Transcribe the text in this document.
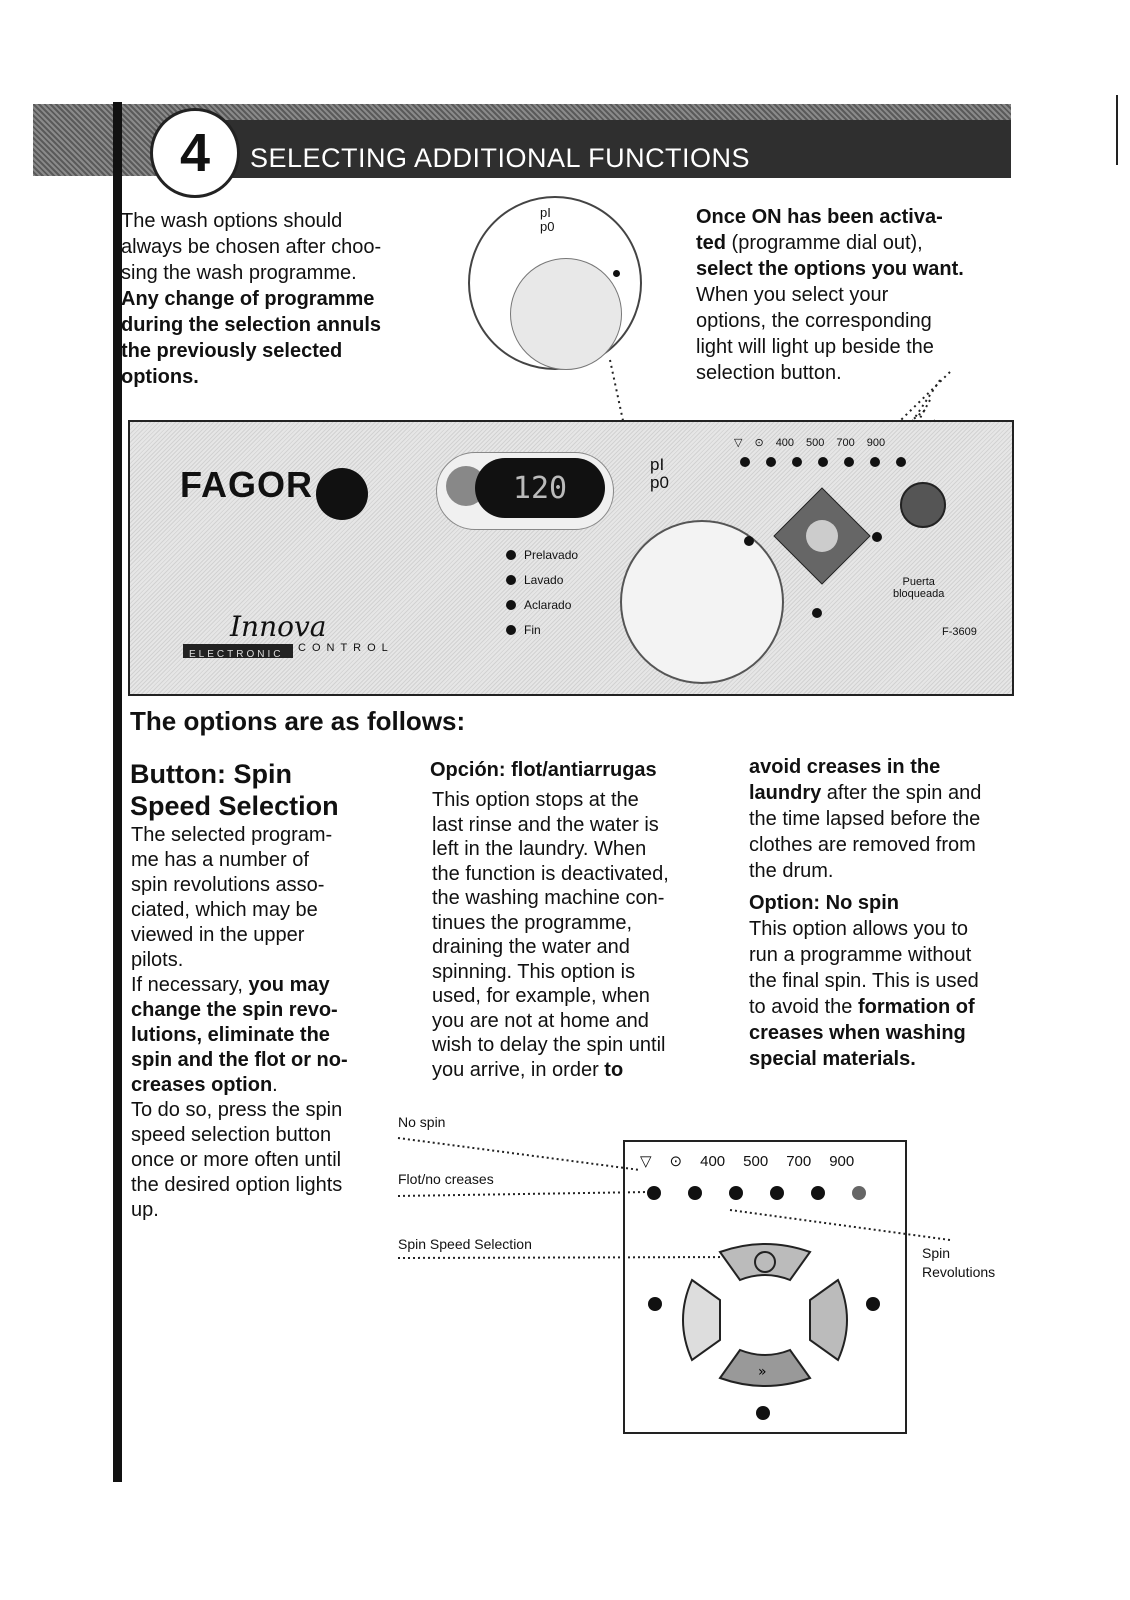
4	SELECTING ADDITIONAL FUNCTIONS

The wash options should

always be chosen after choo-

sing the wash programme.

Any change of programme

during the selection annuls

the previously selected

options.

pI
p0	Once ON has been activa-

ted (programme dial out),

select the options you want.

When you select your

options, the corresponding

light will light up beside the

selection button.

FAGOR
Innova
ELECTRONIC
CONTROL
120
pI
p0
Prelavado
Lavado
Aclarado
Fin
▽ ⊙ 400 500 700 900
Puerta
bloqueada
F-3609
The options are as follows:
Button: Spin
Speed Selection
The selected program-
me has a number of
spin revolutions asso-
ciated, which may be
viewed in the upper
pilots.
If necessary, you may
change the spin revo-
lutions, eliminate the
spin and the flot or no-
creases option.
To do so, press the spin
speed selection button
once or more often until
the desired option lights
up.
Opción: flot/antiarrugas
This option stops at the
last rinse and the water is
left in the laundry. When
the function is deactivated,
the washing machine con-
tinues the programme,
draining the water and
spinning. This option is
used, for example, when
you are not at home and
wish to delay the spin until
you arrive, in order to
avoid creases in the
laundry after the spin and
the time lapsed before the
clothes are removed from
the drum.
Option: No spin
This option allows you to
run a programme without
the final spin. This is used
to avoid the formation of
creases when washing
special materials.
No spin
Flot/no creases
Spin Speed Selection
Spin
Revolutions
▽ ⊙ 400 500 700 900
»
